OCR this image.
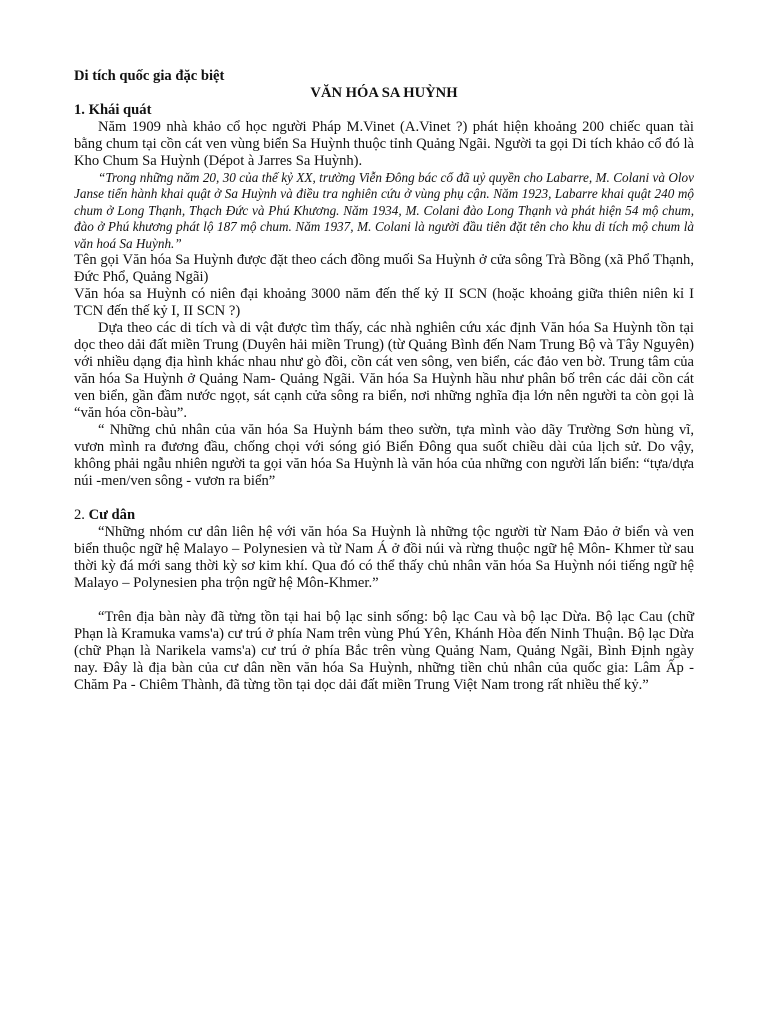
Di tích quốc gia đặc biệt

VĂN HÓA SA HUỲNH

1. Khái quát

Năm 1909 nhà khảo cổ học người Pháp M.Vinet (A.Vinet ?) phát hiện khoảng 200 chiếc quan tài bằng chum tại cồn cát ven vùng biển Sa Huỳnh thuộc tỉnh Quảng Ngãi. Người ta gọi Di tích khảo cổ đó là Kho Chum Sa Huỳnh (Dépot à Jarres Sa Huỳnh).

“Trong những năm 20, 30 của thế kỷ XX, trường Viễn Đông bác cổ đã uỷ quyền cho Labarre, M. Colani và Olov Janse tiến hành khai quật ở Sa Huỳnh và điều tra nghiên cứu ở vùng phụ cận. Năm 1923, Labarre khai quật 240 mộ chum ở Long Thạnh, Thạch Đức và Phú Khương. Năm 1934, M. Colani đào Long Thạnh và phát hiện 54 mộ chum, đào ở Phú khương phát lộ 187 mộ chum. Năm 1937, M. Colani là người đầu tiên đặt tên cho khu di tích mộ chum là văn hoá Sa Huỳnh.”

Tên gọi Văn hóa Sa Huỳnh được đặt theo cách đồng muối Sa Huỳnh ở cửa sông Trà Bồng (xã Phổ Thạnh, Đức Phổ, Quảng Ngãi)

Văn hóa sa Huỳnh có niên đại khoảng 3000 năm đến thế kỷ II SCN (hoặc khoảng giữa thiên niên kỉ I TCN đến thế kỷ I, II SCN ?)

Dựa theo các di tích và di vật được tìm thấy, các nhà nghiên cứu xác định Văn hóa Sa Huỳnh tồn tại dọc theo dải đất miền Trung (Duyên hải miền Trung) (từ Quảng Bình đến Nam Trung Bộ và Tây Nguyên) với nhiều dạng địa hình khác nhau như gò đồi, cồn cát ven sông, ven biển, các đảo ven bờ. Trung tâm của văn hóa Sa Huỳnh ở Quảng Nam- Quảng Ngãi. Văn hóa Sa Huỳnh hầu như phân bố trên các dải cồn cát ven biển, gần đầm nước ngọt, sát cạnh cửa sông ra biển, nơi những nghĩa địa lớn nên người ta còn gọi là “văn hóa cồn-bàu”.

“ Những chủ nhân của văn hóa Sa Huỳnh bám theo sườn, tựa mình vào dãy Trường Sơn hùng vĩ, vươn mình ra đương đầu, chống chọi với sóng gió Biển Đông qua suốt chiều dài của lịch sử. Do vậy, không phải ngẫu nhiên người ta gọi văn hóa Sa Huỳnh là văn hóa của những con người lấn biển: “tựa/dựa núi -men/ven sông - vươn ra biển”

2. Cư dân

“Những nhóm cư dân liên hệ với văn hóa Sa Huỳnh là những tộc người từ Nam Đảo ở biển và ven biển thuộc ngữ hệ Malayo – Polynesien và từ Nam Á ở đồi núi và rừng thuộc ngữ hệ Môn- Khmer từ sau thời kỳ đá mới sang thời kỳ sơ kim khí. Qua đó có thể thấy chủ nhân văn hóa Sa Huỳnh nói tiếng ngữ hệ Malayo – Polynesien pha trộn ngữ hệ Môn-Khmer.”

“Trên địa bàn này đã từng tồn tại hai bộ lạc sinh sống: bộ lạc Cau và bộ lạc Dừa. Bộ lạc Cau (chữ Phạn là Kramuka vams'a) cư trú ở phía Nam trên vùng Phú Yên, Khánh Hòa đến Ninh Thuận. Bộ lạc Dừa (chữ Phạn là Narikela vams'a) cư trú ở phía Bắc trên vùng Quảng Nam, Quảng Ngãi, Bình Định ngày nay. Đây là địa bàn của cư dân nền văn hóa Sa Huỳnh, những tiền chủ nhân của quốc gia: Lâm Ấp - Chăm Pa - Chiêm Thành, đã từng tồn tại dọc dải đất miền Trung Việt Nam trong rất nhiều thế kỷ.”
